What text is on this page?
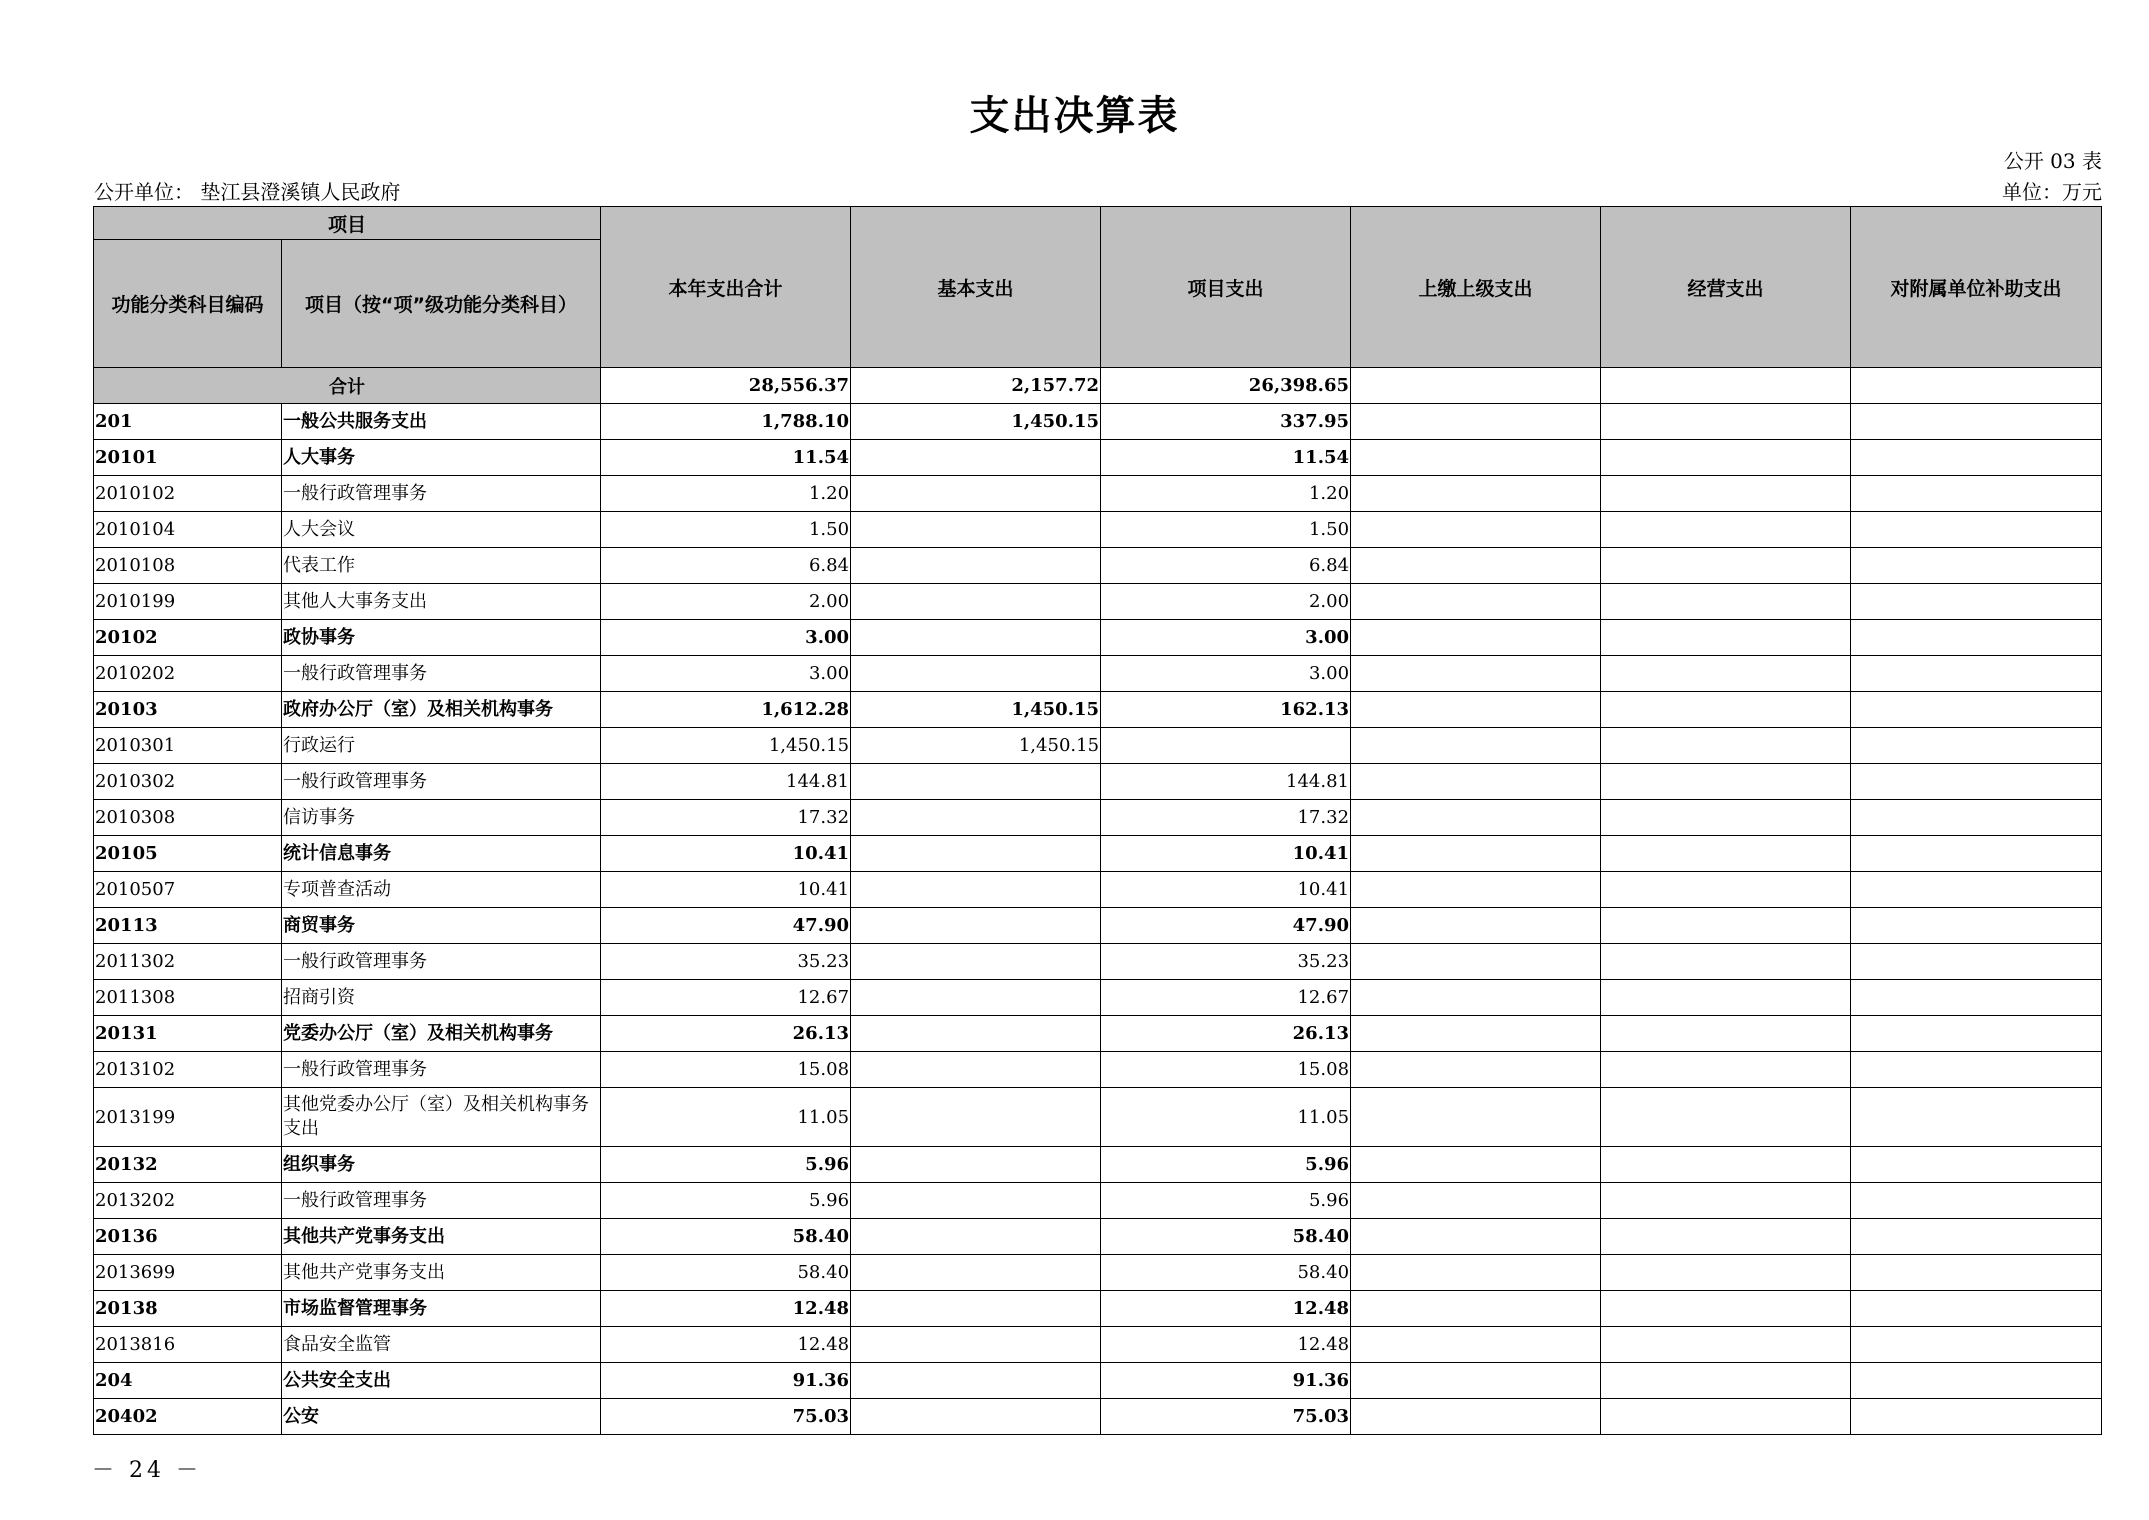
支出决算表
公开 03 表
公开单位： 垫江县澄溪镇人民政府	单位：万元
项目		本年支出合计	基本支出	项目支出	上缴上级支出	经营支出	对附属单位补助支出
功能分类科目编码	项目（按“项”级功能分类科目）						
合计		28,556.37	2,157.72	26,398.65			
201	一般公共服务支出	1,788.10	1,450.15	337.95			
20101	人大事务	11.54		11.54			
2010102	一般行政管理事务	1.20		1.20			
2010104	人大会议	1.50		1.50			
2010108	代表工作	6.84		6.84			
2010199	其他人大事务支出	2.00		2.00			
20102	政协事务	3.00		3.00			
2010202	一般行政管理事务	3.00		3.00			
20103	政府办公厅（室）及相关机构事务	1,612.28	1,450.15	162.13			
2010301	行政运行	1,450.15	1,450.15				
2010302	一般行政管理事务	144.81		144.81			
2010308	信访事务	17.32		17.32			
20105	统计信息事务	10.41		10.41			
2010507	专项普查活动	10.41		10.41			
20113	商贸事务	47.90		47.90			
2011302	一般行政管理事务	35.23		35.23			
2011308	招商引资	12.67		12.67			
20131	党委办公厅（室）及相关机构事务	26.13		26.13			
2013102	一般行政管理事务	15.08		15.08			
2013199	其他党委办公厅（室）及相关机构事务支出	11.05		11.05			
20132	组织事务	5.96		5.96			
2013202	一般行政管理事务	5.96		5.96			
20136	其他共产党事务支出	58.40		58.40			
2013699	其他共产党事务支出	58.40		58.40			
20138	市场监督管理事务	12.48		12.48			
2013816	食品安全监管	12.48		12.48			
204	公共安全支出	91.36		91.36			
20402	公安	75.03		75.03			
－ 24 －
